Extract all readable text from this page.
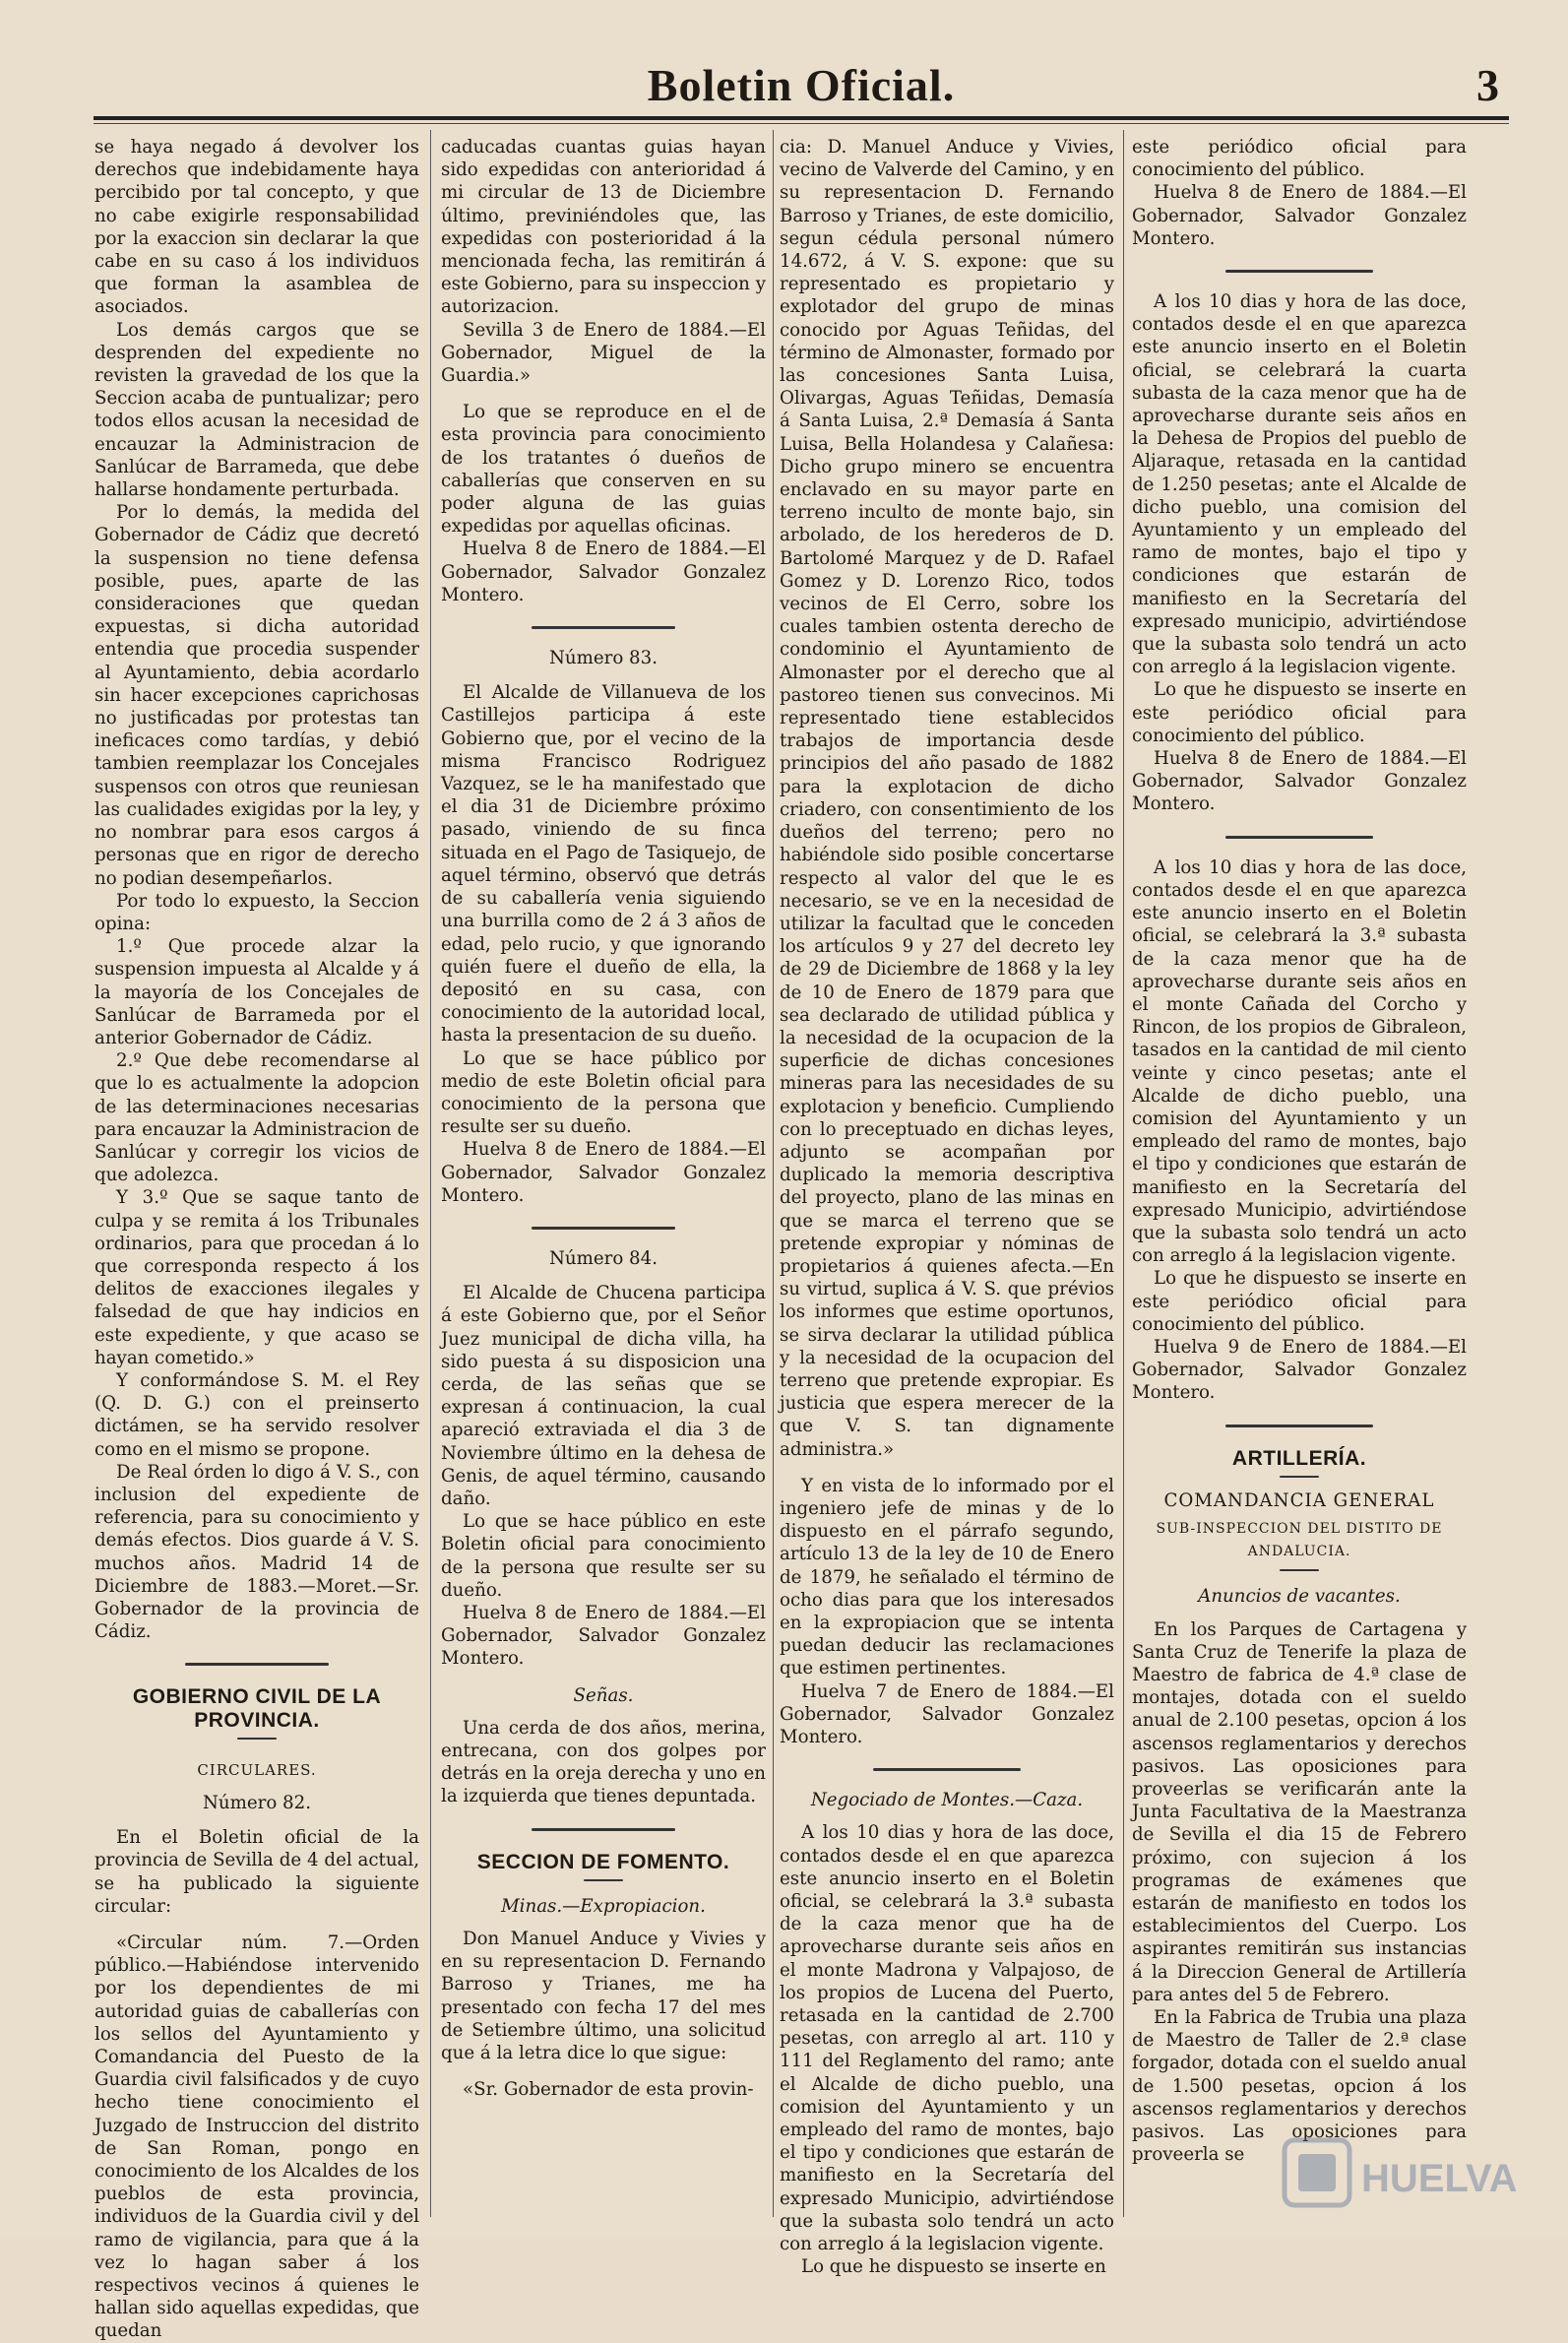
Boletin Oficial.	3

se haya negado á devolver los derechos que indebidamente haya percibido por tal concepto, y que no cabe exigirle responsabilidad por la exaccion sin declarar la que cabe en su caso á los individuos que forman la asamblea de asociados.

Los demás cargos que se desprenden del expediente no revisten la gravedad de los que la Seccion acaba de puntualizar; pero todos ellos acusan la necesidad de encauzar la Administracion de Sanlúcar de Barrameda, que debe hallarse hondamente perturbada.

Por lo demás, la medida del Gobernador de Cádiz que decretó la suspension no tiene defensa posible, pues, aparte de las consideraciones que quedan expuestas, si dicha autoridad entendia que procedia suspender al Ayuntamiento, debia acordarlo sin hacer excepciones caprichosas no justificadas por protestas tan ineficaces como tardías, y debió tambien reemplazar los Concejales suspensos con otros que reuniesan las cualidades exigidas por la ley, y no nombrar para esos cargos á personas que en rigor de derecho no podian desempeñarlos.

Por todo lo expuesto, la Seccion opina:

1.º Que procede alzar la suspension impuesta al Alcalde y á la mayoría de los Concejales de Sanlúcar de Barrameda por el anterior Gobernador de Cádiz.

2.º Que debe recomendarse al que lo es actualmente la adopcion de las determinaciones necesarias para encauzar la Administracion de Sanlúcar y corregir los vicios de que adolezca.

Y 3.º Que se saque tanto de culpa y se remita á los Tribunales ordinarios, para que procedan á lo que corresponda respecto á los delitos de exacciones ilegales y falsedad de que hay indicios en este expediente, y que acaso se hayan cometido.»

Y conformándose S. M. el Rey (Q. D. G.) con el preinserto dictámen, se ha servido resolver como en el mismo se propone.

De Real órden lo digo á V. S., con inclusion del expediente de referencia, para su conocimiento y demás efectos. Dios guarde á V. S. muchos años. Madrid 14 de Diciembre de 1883.—Moret.—Sr. Gobernador de la provincia de Cádiz.

GOBIERNO CIVIL DE LA PROVINCIA.
CIRCULARES.
Número 82.

En el Boletin oficial de la provincia de Sevilla de 4 del actual, se ha publicado la siguiente circular:

«Circular núm. 7.—Orden público.—Habiéndose intervenido por los dependientes de mi autoridad guias de caballerías con los sellos del Ayuntamiento y Comandancia del Puesto de la Guardia civil falsificados y de cuyo hecho tiene conocimiento el Juzgado de Instruccion del distrito de San Roman, pongo en conocimiento de los Alcaldes de los pueblos de esta provincia, individuos de la Guardia civil y del ramo de vigilancia, para que á la vez lo hagan saber á los respectivos vecinos á quienes le hallan sido aquellas expedidas, que quedan

caducadas cuantas guias hayan sido expedidas con anterioridad á mi circular de 13 de Diciembre último, previniéndoles que, las expedidas con posterioridad á la mencionada fecha, las remitirán á este Gobierno, para su inspeccion y autorizacion.

Sevilla 3 de Enero de 1884.—El Gobernador, Miguel de la Guardia.»

Lo que se reproduce en el de esta provincia para conocimiento de los tratantes ó dueños de caballerías que conserven en su poder alguna de las guias expedidas por aquellas oficinas.

Huelva 8 de Enero de 1884.—El Gobernador, Salvador Gonzalez Montero.

Número 83.

El Alcalde de Villanueva de los Castillejos participa á este Gobierno que, por el vecino de la misma Francisco Rodriguez Vazquez, se le ha manifestado que el dia 31 de Diciembre próximo pasado, viniendo de su finca situada en el Pago de Tasiquejo, de aquel término, observó que detrás de su caballería venia siguiendo una burrilla como de 2 á 3 años de edad, pelo rucio, y que ignorando quién fuere el dueño de ella, la depositó en su casa, con conocimiento de la autoridad local, hasta la presentacion de su dueño.

Lo que se hace público por medio de este Boletin oficial para conocimiento de la persona que resulte ser su dueño.

Huelva 8 de Enero de 1884.—El Gobernador, Salvador Gonzalez Montero.

Número 84.

El Alcalde de Chucena participa á este Gobierno que, por el Señor Juez municipal de dicha villa, ha sido puesta á su disposicion una cerda, de las señas que se expresan á continuacion, la cual apareció extraviada el dia 3 de Noviembre último en la dehesa de Genis, de aquel término, causando daño.

Lo que se hace público en este Boletin oficial para conocimiento de la persona que resulte ser su dueño.

Huelva 8 de Enero de 1884.—El Gobernador, Salvador Gonzalez Montero.

Señas.

Una cerda de dos años, merina, entrecana, con dos golpes por detrás en la oreja derecha y uno en la izquierda que tienes depuntada.

SECCION DE FOMENTO.
Minas.—Expropiacion.

Don Manuel Anduce y Vivies y en su representacion D. Fernando Barroso y Trianes, me ha presentado con fecha 17 del mes de Setiembre último, una solicitud que á la letra dice lo que sigue:

«Sr. Gobernador de esta provin-

cia: D. Manuel Anduce y Vivies, vecino de Valverde del Camino, y en su representacion D. Fernando Barroso y Trianes, de este domicilio, segun cédula personal número 14.672, á V. S. expone: que su representado es propietario y explotador del grupo de minas conocido por Aguas Teñidas, del término de Almonaster, formado por las concesiones Santa Luisa, Olivargas, Aguas Teñidas, Demasía á Santa Luisa, 2.ª Demasía á Santa Luisa, Bella Holandesa y Calañesa: Dicho grupo minero se encuentra enclavado en su mayor parte en terreno inculto de monte bajo, sin arbolado, de los herederos de D. Bartolomé Marquez y de D. Rafael Gomez y D. Lorenzo Rico, todos vecinos de El Cerro, sobre los cuales tambien ostenta derecho de condominio el Ayuntamiento de Almonaster por el derecho que al pastoreo tienen sus convecinos. Mi representado tiene establecidos trabajos de importancia desde principios del año pasado de 1882 para la explotacion de dicho criadero, con consentimiento de los dueños del terreno; pero no habiéndole sido posible concertarse respecto al valor del que le es necesario, se ve en la necesidad de utilizar la facultad que le conceden los artículos 9 y 27 del decreto ley de 29 de Diciembre de 1868 y la ley de 10 de Enero de 1879 para que sea declarado de utilidad pública y la necesidad de la ocupacion de la superficie de dichas concesiones mineras para las necesidades de su explotacion y beneficio. Cumpliendo con lo preceptuado en dichas leyes, adjunto se acompañan por duplicado la memoria descriptiva del proyecto, plano de las minas en que se marca el terreno que se pretende expropiar y nóminas de propietarios á quienes afecta.—En su virtud, suplica á V. S. que prévios los informes que estime oportunos, se sirva declarar la utilidad pública y la necesidad de la ocupacion del terreno que pretende expropiar. Es justicia que espera merecer de la que V. S. tan dignamente administra.»

Y en vista de lo informado por el ingeniero jefe de minas y de lo dispuesto en el párrafo segundo, artículo 13 de la ley de 10 de Enero de 1879, he señalado el término de ocho dias para que los interesados en la expropiacion que se intenta puedan deducir las reclamaciones que estimen pertinentes.

Huelva 7 de Enero de 1884.—El Gobernador, Salvador Gonzalez Montero.

Negociado de Montes.—Caza.

A los 10 dias y hora de las doce, contados desde el en que aparezca este anuncio inserto en el Boletin oficial, se celebrará la 3.ª subasta de la caza menor que ha de aprovecharse durante seis años en el monte Madrona y Valpajoso, de los propios de Lucena del Puerto, retasada en la cantidad de 2.700 pesetas, con arreglo al art. 110 y 111 del Reglamento del ramo; ante el Alcalde de dicho pueblo, una comision del Ayuntamiento y un empleado del ramo de montes, bajo el tipo y condiciones que estarán de manifiesto en la Secretaría del expresado Municipio, advirtiéndose que la subasta solo tendrá un acto con arreglo á la legislacion vigente.

Lo que he dispuesto se inserte en

este periódico oficial para conocimiento del público.

Huelva 8 de Enero de 1884.—El Gobernador, Salvador Gonzalez Montero.

A los 10 dias y hora de las doce, contados desde el en que aparezca este anuncio inserto en el Boletin oficial, se celebrará la cuarta subasta de la caza menor que ha de aprovecharse durante seis años en la Dehesa de Propios del pueblo de Aljaraque, retasada en la cantidad de 1.250 pesetas; ante el Alcalde de dicho pueblo, una comision del Ayuntamiento y un empleado del ramo de montes, bajo el tipo y condiciones que estarán de manifiesto en la Secretaría del expresado municipio, advirtiéndose que la subasta solo tendrá un acto con arreglo á la legislacion vigente.

Lo que he dispuesto se inserte en este periódico oficial para conocimiento del público.

Huelva 8 de Enero de 1884.—El Gobernador, Salvador Gonzalez Montero.

A los 10 dias y hora de las doce, contados desde el en que aparezca este anuncio inserto en el Boletin oficial, se celebrará la 3.ª subasta de la caza menor que ha de aprovecharse durante seis años en el monte Cañada del Corcho y Rincon, de los propios de Gibraleon, tasados en la cantidad de mil ciento veinte y cinco pesetas; ante el Alcalde de dicho pueblo, una comision del Ayuntamiento y un empleado del ramo de montes, bajo el tipo y condiciones que estarán de manifiesto en la Secretaría del expresado Municipio, advirtiéndose que la subasta solo tendrá un acto con arreglo á la legislacion vigente.

Lo que he dispuesto se inserte en este periódico oficial para conocimiento del público.

Huelva 9 de Enero de 1884.—El Gobernador, Salvador Gonzalez Montero.

ARTILLERÍA.
COMANDANCIA GENERAL
SUB-INSPECCION DEL DISTITO DE ANDALUCIA.
Anuncios de vacantes.

En los Parques de Cartagena y Santa Cruz de Tenerife la plaza de Maestro de fabrica de 4.ª clase de montajes, dotada con el sueldo anual de 2.100 pesetas, opcion á los ascensos reglamentarios y derechos pasivos. Las oposiciones para proveerlas se verificarán ante la Junta Facultativa de la Maestranza de Sevilla el dia 15 de Febrero próximo, con sujecion á los programas de exámenes que estarán de manifiesto en todos los establecimientos del Cuerpo. Los aspirantes remitirán sus instancias á la Direccion General de Artillería para antes del 5 de Febrero.

En la Fabrica de Trubia una plaza de Maestro de Taller de 2.ª clase forgador, dotada con el sueldo anual de 1.500 pesetas, opcion á los ascensos reglamentarios y derechos pasivos. Las oposiciones para proveerla se

HUELVA
